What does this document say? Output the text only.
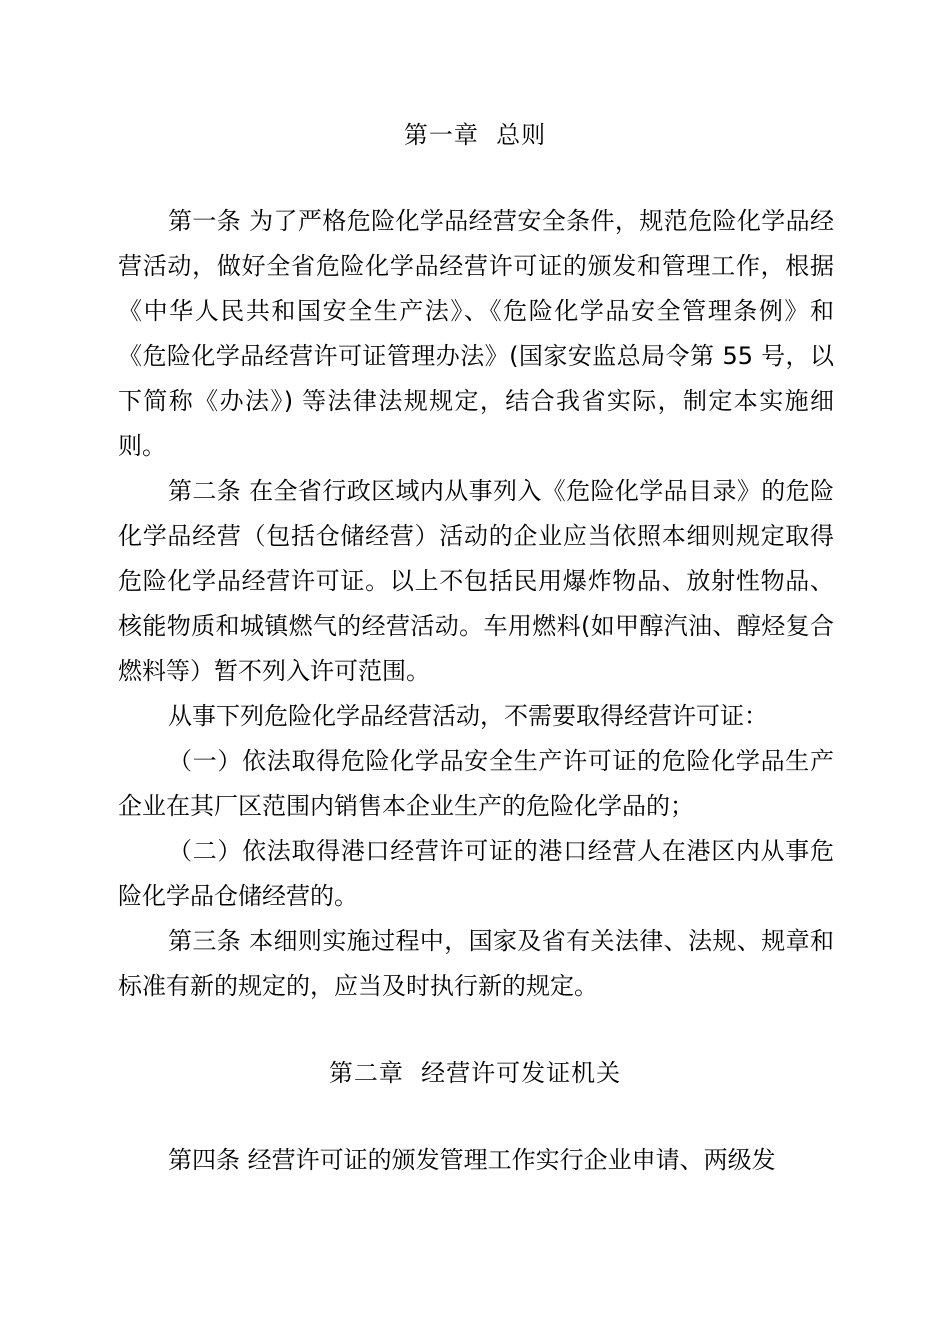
第一章  总则

第一条 为了严格危险化学品经营安全条件，规范危险化学品经营活动，做好全省危险化学品经营许可证的颁发和管理工作，根据《中华人民共和国安全生产法》、《危险化学品安全管理条例》和《危险化学品经营许可证管理办法》(国家安监总局令第 55 号，以下简称《办法》) 等法律法规规定，结合我省实际，制定本实施细则。

第二条 在全省行政区域内从事列入《危险化学品目录》的危险化学品经营（包括仓储经营）活动的企业应当依照本细则规定取得危险化学品经营许可证。以上不包括民用爆炸物品、放射性物品、核能物质和城镇燃气的经营活动。车用燃料(如甲醇汽油、醇烃复合燃料等）暂不列入许可范围。

从事下列危险化学品经营活动，不需要取得经营许可证：

（一）依法取得危险化学品安全生产许可证的危险化学品生产企业在其厂区范围内销售本企业生产的危险化学品的；

（二）依法取得港口经营许可证的港口经营人在港区内从事危险化学品仓储经营的。

第三条 本细则实施过程中，国家及省有关法律、法规、规章和标准有新的规定的，应当及时执行新的规定。

第二章  经营许可发证机关

第四条 经营许可证的颁发管理工作实行企业申请、两级发
